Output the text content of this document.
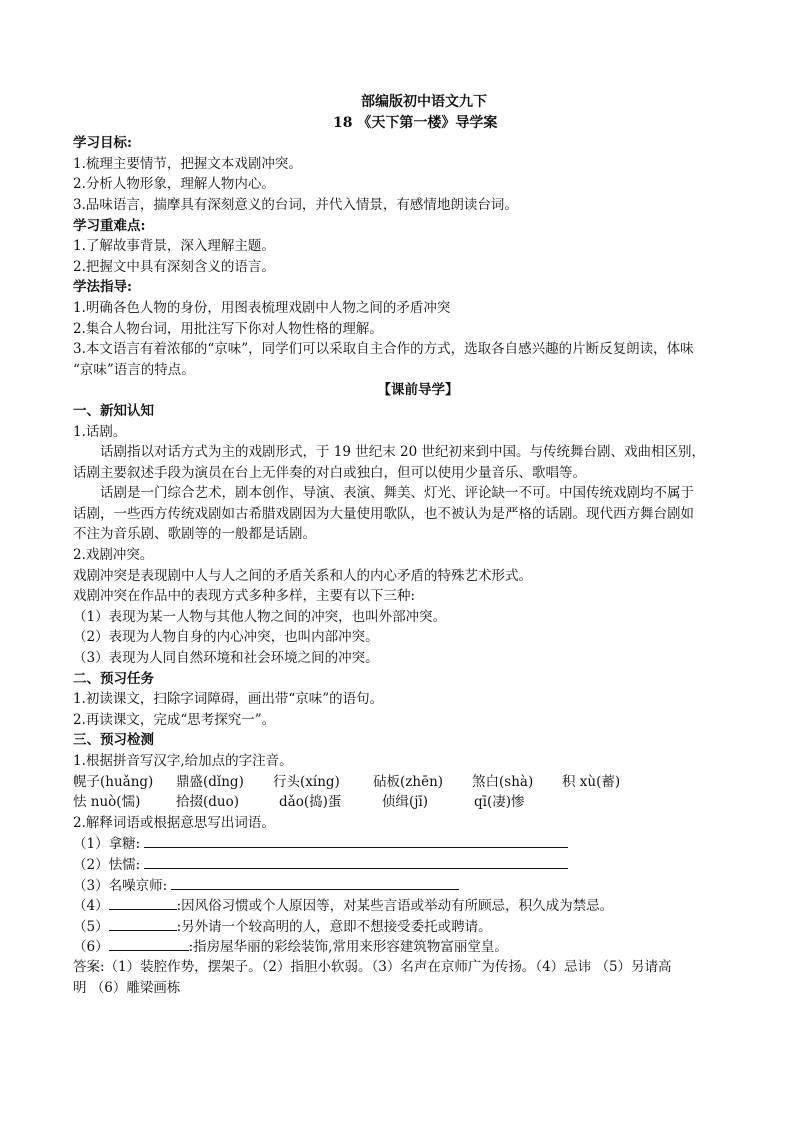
部编版初中语文九下
18 《天下第一楼》导学案
学习目标:
1.梳理主要情节，把握文本戏剧冲突。
2.分析人物形象，理解人物内心。
3.品味语言，揣摩具有深刻意义的台词，并代入情景，有感情地朗读台词。
学习重难点:
1.了解故事背景，深入理解主题。
2.把握文中具有深刻含义的语言。
学法指导:
1.明确各色人物的身份，用图表梳理戏剧中人物之间的矛盾冲突
2.集合人物台词，用批注写下你对人物性格的理解。
3.本文语言有着浓郁的“京味”，同学们可以采取自主合作的方式，选取各自感兴趣的片断反复朗读，体味
“京味”语言的特点。
【课前导学】
一、新知认知
1.话剧。
话剧指以对话方式为主的戏剧形式，于 19 世纪末 20 世纪初来到中国。与传统舞台剧、戏曲相区别，
话剧主要叙述手段为演员在台上无伴奏的对白或独白，但可以使用少量音乐、歌唱等。
话剧是一门综合艺术，剧本创作、导演、表演、舞美、灯光、评论缺一不可。中国传统戏剧均不属于
话剧，一些西方传统戏剧如古希腊戏剧因为大量使用歌队，也不被认为是严格的话剧。现代西方舞台剧如
不注为音乐剧、歌剧等的一般都是话剧。
2.戏剧冲突。
戏剧冲突是表现剧中人与人之间的矛盾关系和人的内心矛盾的特殊艺术形式。
戏剧冲突在作品中的表现方式多种多样，主要有以下三种:
（1）表现为某一人物与其他人物之间的冲突，也叫外部冲突。
（2）表现为人物自身的内心冲突，也叫内部冲突。
（3）表现为人同自然环境和社会环境之间的冲突。
二、预习任务
1.初读课文，扫除字词障碍，画出带“京味”的语句。
2.再读课文，完成“思考探究一”。
三、预习检测
1.根据拼音写汉字,给加点的字注音。
幌子(huǎng) 鼎盛(dǐng) 行头(xíng) 砧板(zhēn) 煞白(shà) 积 xù(蓄)
怯 nuò(懦)	拾掇(duo)	dǎo(捣)蛋	侦缉(jī)	qī(凄)惨
2.解释词语或根据意思写出词语。
（1）拿糖:
（2）怯懦:
（3）名噪京师:
（4）	:因风俗习惯或个人原因等，对某些言语或举动有所顾忌，积久成为禁忌。
（5）	:另外请一个较高明的人，意即不想接受委托或聘请。
（6）	:指房屋华丽的彩绘装饰,常用来形容建筑物富丽堂皇。
答案:（1）装腔作势，摆架子。（2）指胆小软弱。（3）名声在京师广为传扬。（4）忌讳 （5）另请高
明 （6）雕梁画栋
